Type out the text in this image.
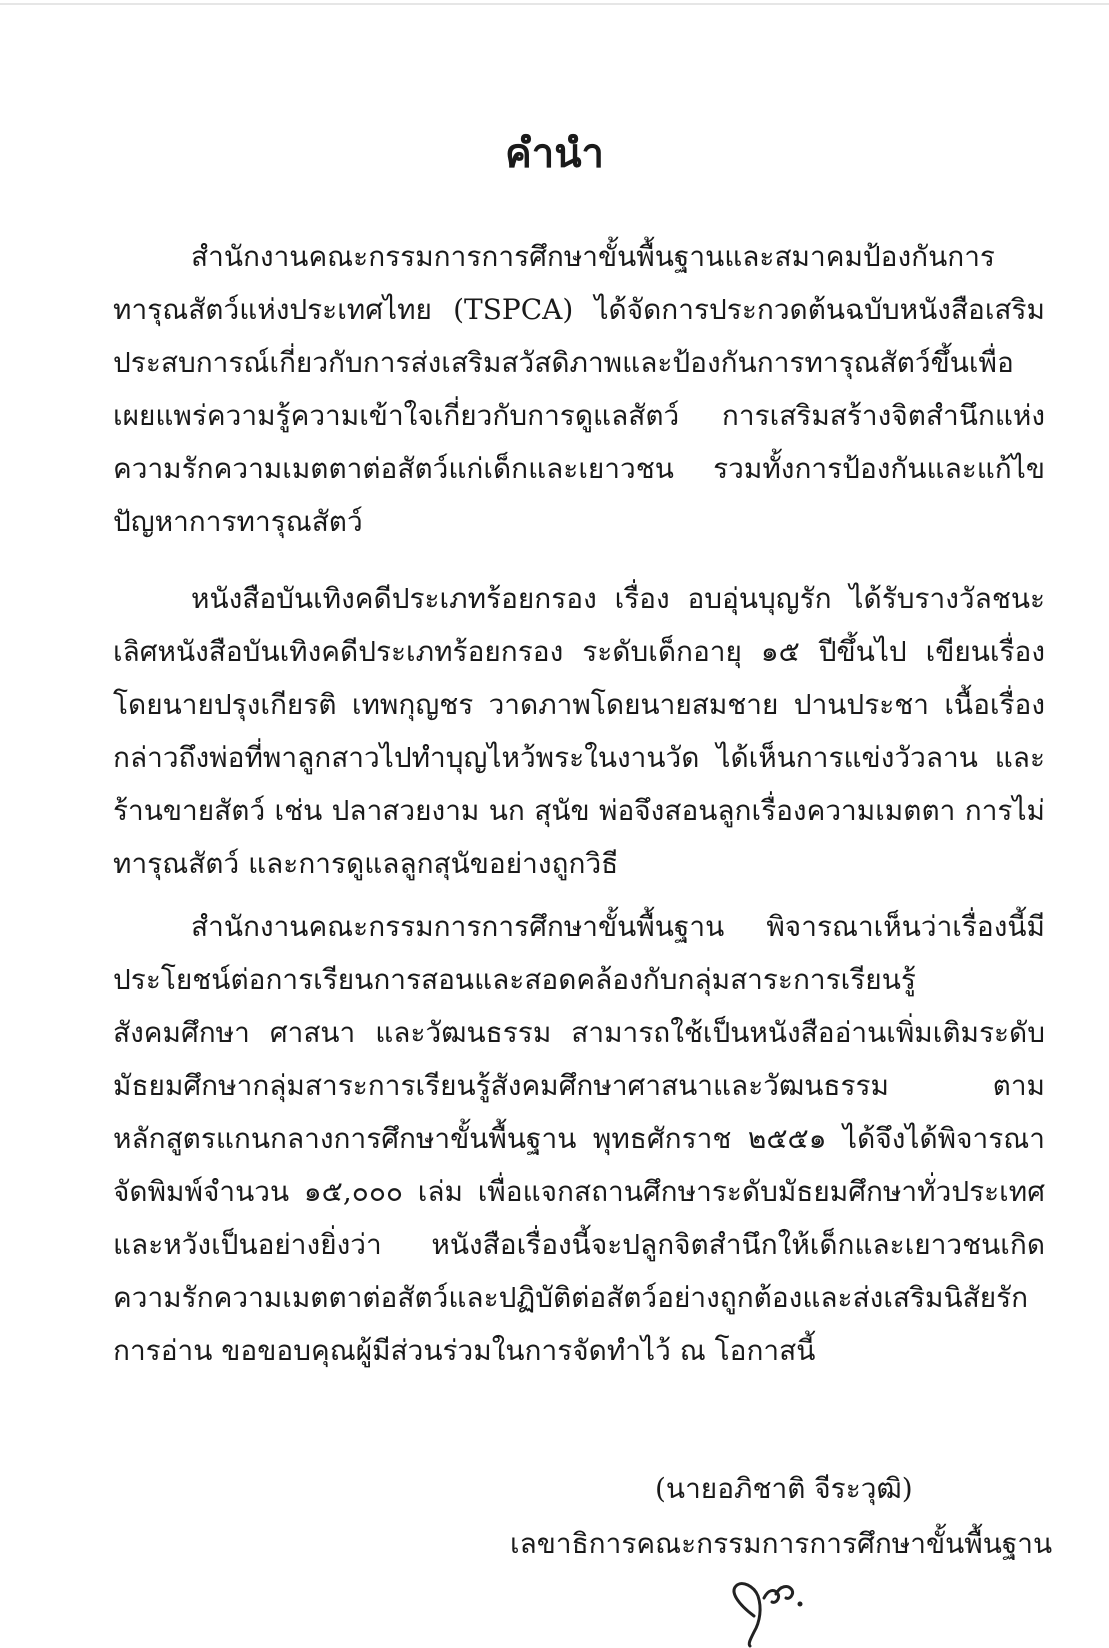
คำนำ

สำนักงานคณะกรรมการการศึกษาขั้นพื้นฐานและสมาคมป้องกันการทารุณสัตว์แห่งประเทศไทย (TSPCA) ได้จัดการประกวดต้นฉบับหนังสือเสริมประสบการณ์เกี่ยวกับการส่งเสริมสวัสดิภาพและป้องกันการทารุณสัตว์ขึ้นเพื่อเผยแพร่ความรู้ความเข้าใจเกี่ยวกับการดูแลสัตว์ การเสริมสร้างจิตสำนึกแห่งความรักความเมตตาต่อสัตว์แก่เด็กและเยาวชน รวมทั้งการป้องกันและแก้ไขปัญหาการทารุณสัตว์

หนังสือบันเทิงคดีประเภทร้อยกรอง เรื่อง อบอุ่นบุญรัก ได้รับรางวัลชนะเลิศหนังสือบันเทิงคดีประเภทร้อยกรอง ระดับเด็กอายุ ๑๕ ปีขึ้นไป เขียนเรื่องโดยนายปรุงเกียรติ เทพกุญชร วาดภาพโดยนายสมชาย ปานประชา เนื้อเรื่องกล่าวถึงพ่อที่พาลูกสาวไปทำบุญไหว้พระในงานวัด ได้เห็นการแข่งวัวลาน และร้านขายสัตว์ เช่น ปลาสวยงาม นก สุนัข พ่อจึงสอนลูกเรื่องความเมตตา การไม่ทารุณสัตว์ และการดูแลลูกสุนัขอย่างถูกวิธี

สำนักงานคณะกรรมการการศึกษาขั้นพื้นฐาน พิจารณาเห็นว่าเรื่องนี้มีประโยชน์ต่อการเรียนการสอนและสอดคล้องกับกลุ่มสาระการเรียนรู้สังคมศึกษา ศาสนา และวัฒนธรรม สามารถใช้เป็นหนังสืออ่านเพิ่มเติมระดับมัธยมศึกษากลุ่มสาระการเรียนรู้สังคมศึกษาศาสนาและวัฒนธรรม ตามหลักสูตรแกนกลางการศึกษาขั้นพื้นฐาน พุทธศักราช ๒๕๕๑ ได้จึงได้พิจารณาจัดพิมพ์จำนวน ๑๕,๐๐๐ เล่ม เพื่อแจกสถานศึกษาระดับมัธยมศึกษาทั่วประเทศ และหวังเป็นอย่างยิ่งว่า หนังสือเรื่องนี้จะปลูกจิตสำนึกให้เด็กและเยาวชนเกิดความรักความเมตตาต่อสัตว์และปฏิบัติต่อสัตว์อย่างถูกต้องและส่งเสริมนิสัยรักการอ่าน ขอขอบคุณผู้มีส่วนร่วมในการจัดทำไว้ ณ โอกาสนี้

(นายอภิชาติ จีระวุฒิ)
เลขาธิการคณะกรรมการการศึกษาขั้นพื้นฐาน
